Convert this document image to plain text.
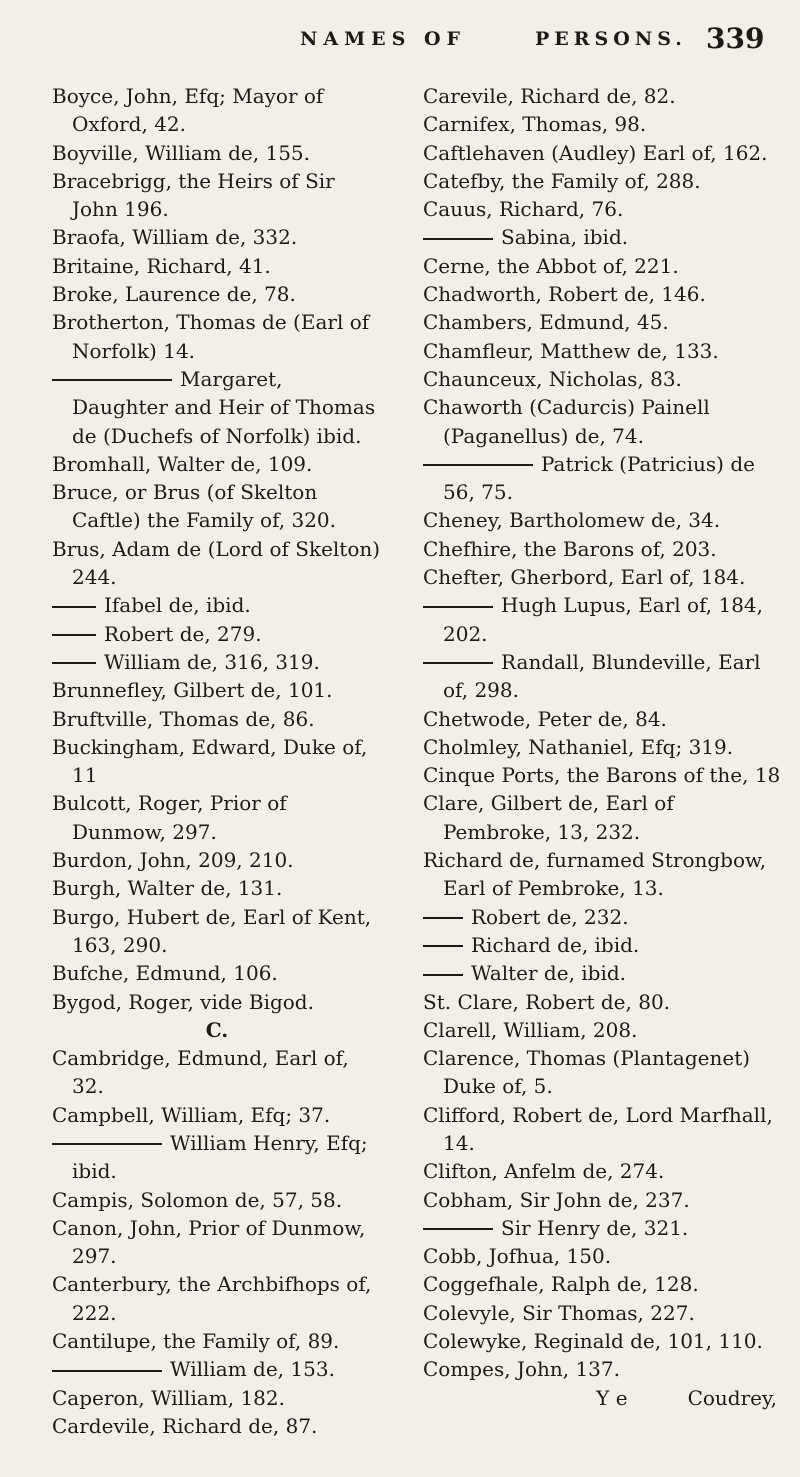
NAMES OF	PERSONS. 339
Boyce, John, Efq; Mayor of Oxford, 42.
Boyville, William de, 155.
Bracebrigg, the Heirs of Sir John 196.
Braofa, William de, 332.
Britaine, Richard, 41.
Broke, Laurence de, 78.
Brotherton, Thomas de (Earl of Norfolk) 14.
Margaret, Daughter and Heir of Thomas de (Duchefs of Norfolk) ibid.
Bromhall, Walter de, 109.
Bruce, or Brus (of Skelton Caftle) the Family of, 320.
Brus, Adam de (Lord of Skelton) 244.
Ifabel de, ibid.
Robert de, 279.
William de, 316, 319.
Brunnefley, Gilbert de, 101.
Bruftville, Thomas de, 86.
Buckingham, Edward, Duke of, 11
Bulcott, Roger, Prior of Dunmow, 297.
Burdon, John, 209, 210.
Burgh, Walter de, 131.
Burgo, Hubert de, Earl of Kent, 163, 290.
Bufche, Edmund, 106.
Bygod, Roger, vide Bigod.
C.
Cambridge, Edmund, Earl of, 32.
Campbell, William, Efq; 37.
William Henry, Efq; ibid.
Campis, Solomon de, 57, 58.
Canon, John, Prior of Dunmow, 297.
Canterbury, the Archbifhops of, 222.
Cantilupe, the Family of, 89.
William de, 153.
Caperon, William, 182.
Cardevile, Richard de, 87.
Carevile, Richard de, 82.
Carnifex, Thomas, 98.
Caftlehaven (Audley) Earl of, 162.
Catefby, the Family of, 288.
Cauus, Richard, 76.
Sabina, ibid.
Cerne, the Abbot of, 221.
Chadworth, Robert de, 146.
Chambers, Edmund, 45.
Chamfleur, Matthew de, 133.
Chaunceux, Nicholas, 83.
Chaworth (Cadurcis) Painell (Paganellus) de, 74.
Patrick (Patricius) de 56, 75.
Cheney, Bartholomew de, 34.
Chefhire, the Barons of, 203.
Chefter, Gherbord, Earl of, 184.
Hugh Lupus, Earl of, 184, 202.
Randall, Blundeville, Earl of, 298.
Chetwode, Peter de, 84.
Cholmley, Nathaniel, Efq; 319.
Cinque Ports, the Barons of the, 18
Clare, Gilbert de, Earl of Pembroke, 13, 232.
Richard de, furnamed Strongbow, Earl of Pembroke, 13.
Robert de, 232.
Richard de, ibid.
Walter de, ibid.
St. Clare, Robert de, 80.
Clarell, William, 208.
Clarence, Thomas (Plantagenet) Duke of, 5.
Clifford, Robert de, Lord Marfhall, 14.
Clifton, Anfelm de, 274.
Cobham, Sir John de, 237.
Sir Henry de, 321.
Cobb, Jofhua, 150.
Coggefhale, Ralph de, 128.
Colevyle, Sir Thomas, 227.
Colewyke, Reginald de, 101, 110.
Compes, John, 137.
Y e	Coudrey,
